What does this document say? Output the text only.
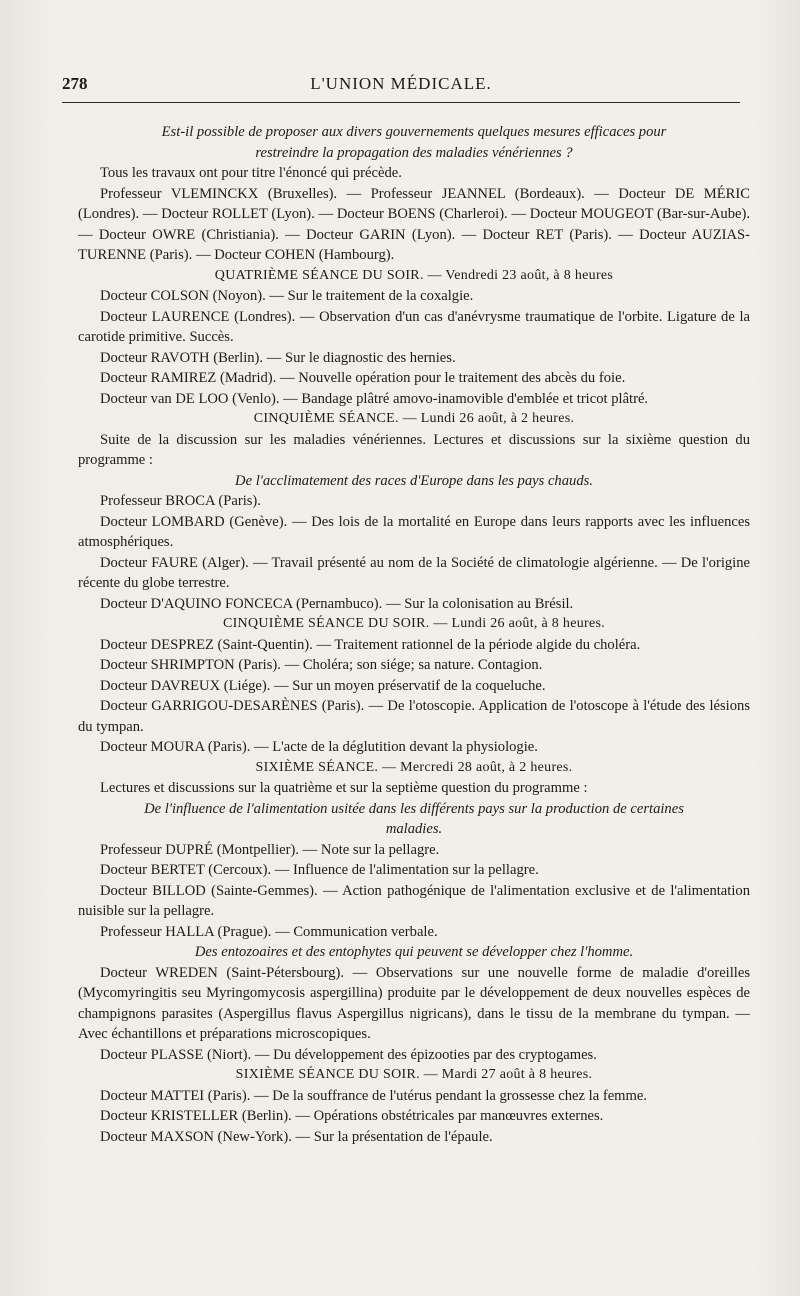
278	L'UNION MÉDICALE.

Est-il possible de proposer aux divers gouvernements quelques mesures efficaces pour

restreindre la propagation des maladies vénériennes ?

Tous les travaux ont pour titre l'énoncé qui précède.

Professeur VLEMINCKX (Bruxelles). — Professeur JEANNEL (Bordeaux). — Docteur DE MÉRIC (Londres). — Docteur ROLLET (Lyon). — Docteur BOENS (Charleroi). — Docteur MOUGEOT (Bar-sur-Aube). — Docteur OWRE (Christiania). — Docteur GARIN (Lyon). — Docteur RET (Paris). — Docteur AUZIAS-TURENNE (Paris). — Docteur COHEN (Hambourg).

QUATRIÈME SÉANCE DU SOIR. — Vendredi 23 août, à 8 heures

Docteur COLSON (Noyon). — Sur le traitement de la coxalgie.

Docteur LAURENCE (Londres). — Observation d'un cas d'anévrysme traumatique de l'orbite. Ligature de la carotide primitive. Succès.

Docteur RAVOTH (Berlin). — Sur le diagnostic des hernies.

Docteur RAMIREZ (Madrid). — Nouvelle opération pour le traitement des abcès du foie.

Docteur van DE LOO (Venlo). — Bandage plâtré amovo-inamovible d'emblée et tricot plâtré.

CINQUIÈME SÉANCE. — Lundi 26 août, à 2 heures.

Suite de la discussion sur les maladies vénériennes. Lectures et discussions sur la sixième question du programme :

De l'acclimatement des races d'Europe dans les pays chauds.

Professeur BROCA (Paris).

Docteur LOMBARD (Genève). — Des lois de la mortalité en Europe dans leurs rapports avec les influences atmosphériques.

Docteur FAURE (Alger). — Travail présenté au nom de la Société de climatologie algérienne. — De l'origine récente du globe terrestre.

Docteur D'AQUINO FONCECA (Pernambuco). — Sur la colonisation au Brésil.

CINQUIÈME SÉANCE DU SOIR. — Lundi 26 août, à 8 heures.

Docteur DESPREZ (Saint-Quentin). — Traitement rationnel de la période algide du choléra.

Docteur SHRIMPTON (Paris). — Choléra; son siége; sa nature. Contagion.

Docteur DAVREUX (Liége). — Sur un moyen préservatif de la coqueluche.

Docteur GARRIGOU-DESARÈNES (Paris). — De l'otoscopie. Application de l'otoscope à l'étude des lésions du tympan.

Docteur MOURA (Paris). — L'acte de la déglutition devant la physiologie.

SIXIÈME SÉANCE. — Mercredi 28 août, à 2 heures.

Lectures et discussions sur la quatrième et sur la septième question du programme :

De l'influence de l'alimentation usitée dans les différents pays sur la production de certaines

maladies.

Professeur DUPRÉ (Montpellier). — Note sur la pellagre.

Docteur BERTET (Cercoux). — Influence de l'alimentation sur la pellagre.

Docteur BILLOD (Sainte-Gemmes). — Action pathogénique de l'alimentation exclusive et de l'alimentation nuisible sur la pellagre.

Professeur HALLA (Prague). — Communication verbale.

Des entozoaires et des entophytes qui peuvent se développer chez l'homme.

Docteur WREDEN (Saint-Pétersbourg). — Observations sur une nouvelle forme de maladie d'oreilles (Mycomyringitis seu Myringomycosis aspergillina) produite par le développement de deux nouvelles espèces de champignons parasites (Aspergillus flavus Aspergillus nigricans), dans le tissu de la membrane du tympan. — Avec échantillons et préparations microscopiques.

Docteur PLASSE (Niort). — Du développement des épizooties par des cryptogames.

SIXIÈME SÉANCE DU SOIR. — Mardi 27 août à 8 heures.

Docteur MATTEI (Paris). — De la souffrance de l'utérus pendant la grossesse chez la femme.

Docteur KRISTELLER (Berlin). — Opérations obstétricales par manœuvres externes.

Docteur MAXSON (New-York). — Sur la présentation de l'épaule.
